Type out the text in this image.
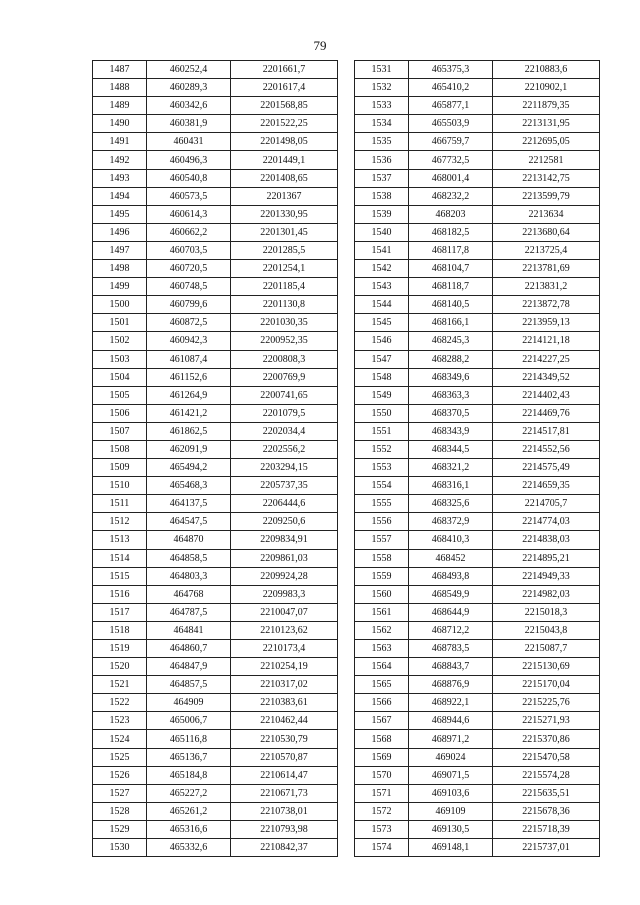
79
1487	460252,4	2201661,7
1488	460289,3	2201617,4
1489	460342,6	2201568,85
1490	460381,9	2201522,25
1491	460431	2201498,05
1492	460496,3	2201449,1
1493	460540,8	2201408,65
1494	460573,5	2201367
1495	460614,3	2201330,95
1496	460662,2	2201301,45
1497	460703,5	2201285,5
1498	460720,5	2201254,1
1499	460748,5	2201185,4
1500	460799,6	2201130,8
1501	460872,5	2201030,35
1502	460942,3	2200952,35
1503	461087,4	2200808,3
1504	461152,6	2200769,9
1505	461264,9	2200741,65
1506	461421,2	2201079,5
1507	461862,5	2202034,4
1508	462091,9	2202556,2
1509	465494,2	2203294,15
1510	465468,3	2205737,35
1511	464137,5	2206444,6
1512	464547,5	2209250,6
1513	464870	2209834,91
1514	464858,5	2209861,03
1515	464803,3	2209924,28
1516	464768	2209983,3
1517	464787,5	2210047,07
1518	464841	2210123,62
1519	464860,7	2210173,4
1520	464847,9	2210254,19
1521	464857,5	2210317,02
1522	464909	2210383,61
1523	465006,7	2210462,44
1524	465116,8	2210530,79
1525	465136,7	2210570,87
1526	465184,8	2210614,47
1527	465227,2	2210671,73
1528	465261,2	2210738,01
1529	465316,6	2210793,98
1530	465332,6	2210842,37
1531	465375,3	2210883,6
1532	465410,2	2210902,1
1533	465877,1	2211879,35
1534	465503,9	2213131,95
1535	466759,7	2212695,05
1536	467732,5	2212581
1537	468001,4	2213142,75
1538	468232,2	2213599,79
1539	468203	2213634
1540	468182,5	2213680,64
1541	468117,8	2213725,4
1542	468104,7	2213781,69
1543	468118,7	2213831,2
1544	468140,5	2213872,78
1545	468166,1	2213959,13
1546	468245,3	2214121,18
1547	468288,2	2214227,25
1548	468349,6	2214349,52
1549	468363,3	2214402,43
1550	468370,5	2214469,76
1551	468343,9	2214517,81
1552	468344,5	2214552,56
1553	468321,2	2214575,49
1554	468316,1	2214659,35
1555	468325,6	2214705,7
1556	468372,9	2214774,03
1557	468410,3	2214838,03
1558	468452	2214895,21
1559	468493,8	2214949,33
1560	468549,9	2214982,03
1561	468644,9	2215018,3
1562	468712,2	2215043,8
1563	468783,5	2215087,7
1564	468843,7	2215130,69
1565	468876,9	2215170,04
1566	468922,1	2215225,76
1567	468944,6	2215271,93
1568	468971,2	2215370,86
1569	469024	2215470,58
1570	469071,5	2215574,28
1571	469103,6	2215635,51
1572	469109	2215678,36
1573	469130,5	2215718,39
1574	469148,1	2215737,01
